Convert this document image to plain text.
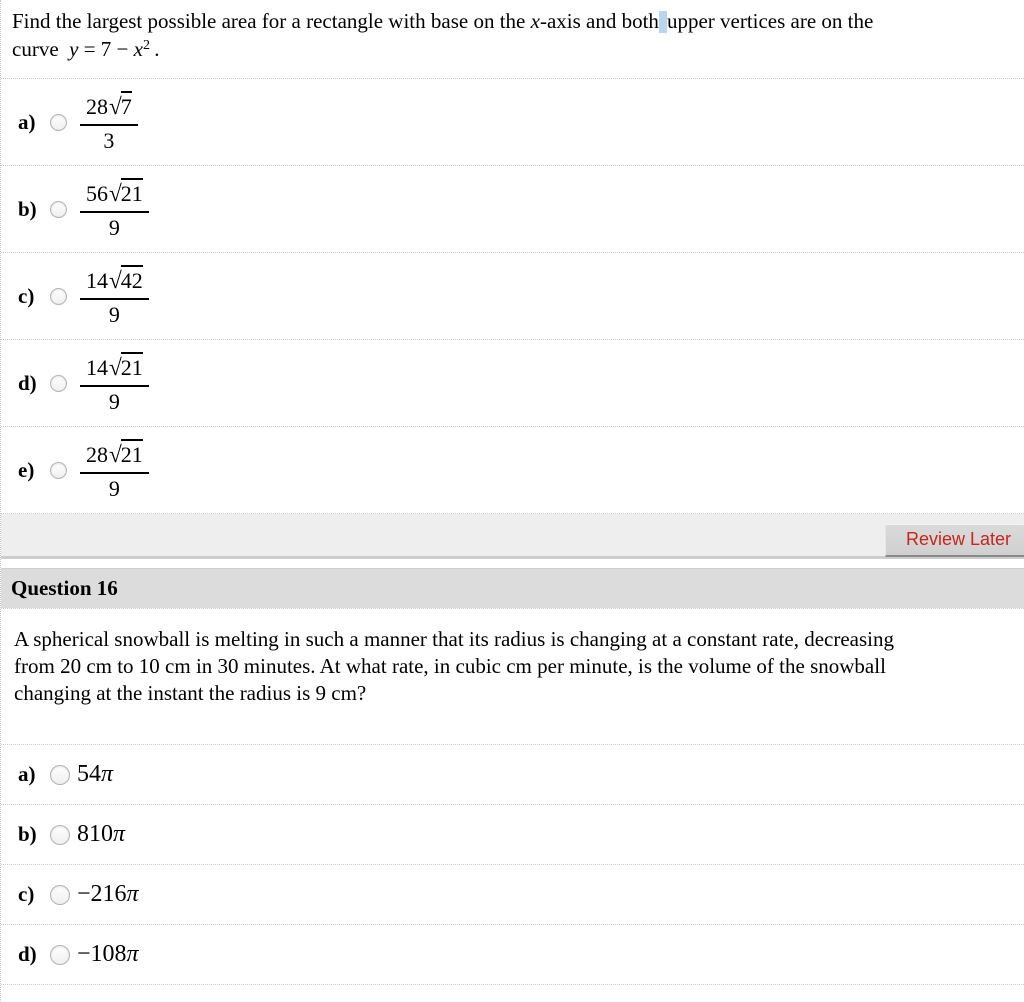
Find the largest possible area for a rectangle with base on the x-axis and both upper vertices are on the
curve  $y = 7 - x^2$ .
a)	$\frac{28 √ 7}{3}$
b)	$\frac{56 √ 21}{9}$
c)	$\frac{14 √ 42}{9}$
d)	$\frac{14 √ 21}{9}$
e)	$\frac{28 √ 21}{9}$
Review Later
Question 16
A spherical snowball is melting in such a manner that its radius is changing at a constant rate, decreasing
from 20 cm to 10 cm in 30 minutes. At what rate, in cubic cm per minute, is the volume of the snowball
changing at the instant the radius is 9 cm?
a)	54π
b)	810π
c)	−216π
d)	−108π
